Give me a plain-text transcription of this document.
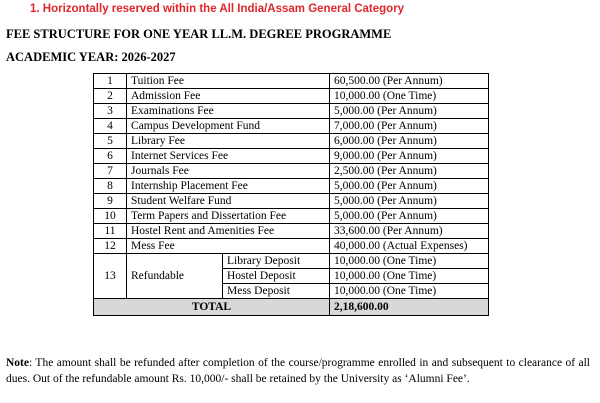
1. Horizontally reserved within the All India/Assam General Category
FEE STRUCTURE FOR ONE YEAR LL.M. DEGREE PROGRAMME
ACADEMIC YEAR: 2026-2027
1	Tuition Fee		60,500.00 (Per Annum)
2	Admission Fee		10,000.00 (One Time)
3	Examinations Fee		5,000.00 (Per Annum)
4	Campus Development Fund		7,000.00 (Per Annum)
5	Library Fee		6,000.00 (Per Annum)
6	Internet Services Fee		9,000.00 (Per Annum)
7	Journals Fee		2,500.00 (Per Annum)
8	Internship Placement Fee		5,000.00 (Per Annum)
9	Student Welfare Fund		5,000.00 (Per Annum)
10	Term Papers and Dissertation Fee		5,000.00 (Per Annum)
11	Hostel Rent and Amenities Fee		33,600.00 (Per Annum)
12	Mess Fee		40,000.00 (Actual Expenses)
13	Refundable	Library Deposit	10,000.00 (One Time)
		Hostel Deposit	10,000.00 (One Time)
		Mess Deposit	10,000.00 (One Time)
TOTAL			2,18,600.00
Note: The amount shall be refunded after completion of the course/programme enrolled in and subsequent to clearance of all dues. Out of the refundable amount Rs. 10,000/- shall be retained by the University as ‘Alumni Fee’.
